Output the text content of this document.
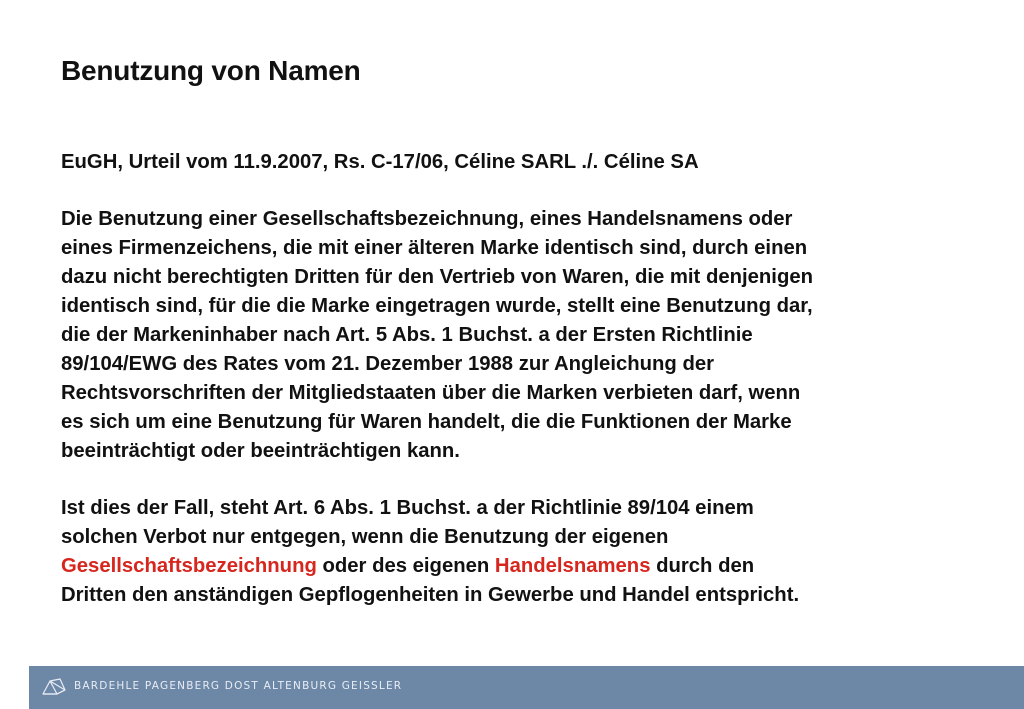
Benutzung von Namen

EuGH, Urteil vom 11.9.2007, Rs. C-17/06, Céline SARL ./. Céline SA

Die Benutzung einer Gesellschaftsbezeichnung, eines Handelsnamens oder
eines Firmenzeichens, die mit einer älteren Marke identisch sind, durch einen
dazu nicht berechtigten Dritten für den Vertrieb von Waren, die mit denjenigen
identisch sind, für die die Marke eingetragen wurde, stellt eine Benutzung dar,
die der Markeninhaber nach Art. 5 Abs. 1 Buchst. a der Ersten Richtlinie
89/104/EWG des Rates vom 21. Dezember 1988 zur Angleichung der
Rechtsvorschriften der Mitgliedstaaten über die Marken verbieten darf, wenn
es sich um eine Benutzung für Waren handelt, die die Funktionen der Marke
beeinträchtigt oder beeinträchtigen kann.

Ist dies der Fall, steht Art. 6 Abs. 1 Buchst. a der Richtlinie 89/104 einem
solchen Verbot nur entgegen, wenn die Benutzung der eigenen
Gesellschaftsbezeichnung oder des eigenen Handelsnamens durch den
Dritten den anständigen Gepflogenheiten in Gewerbe und Handel entspricht.

BARDEHLE PAGENBERG DOST ALTENBURG GEISSLER
